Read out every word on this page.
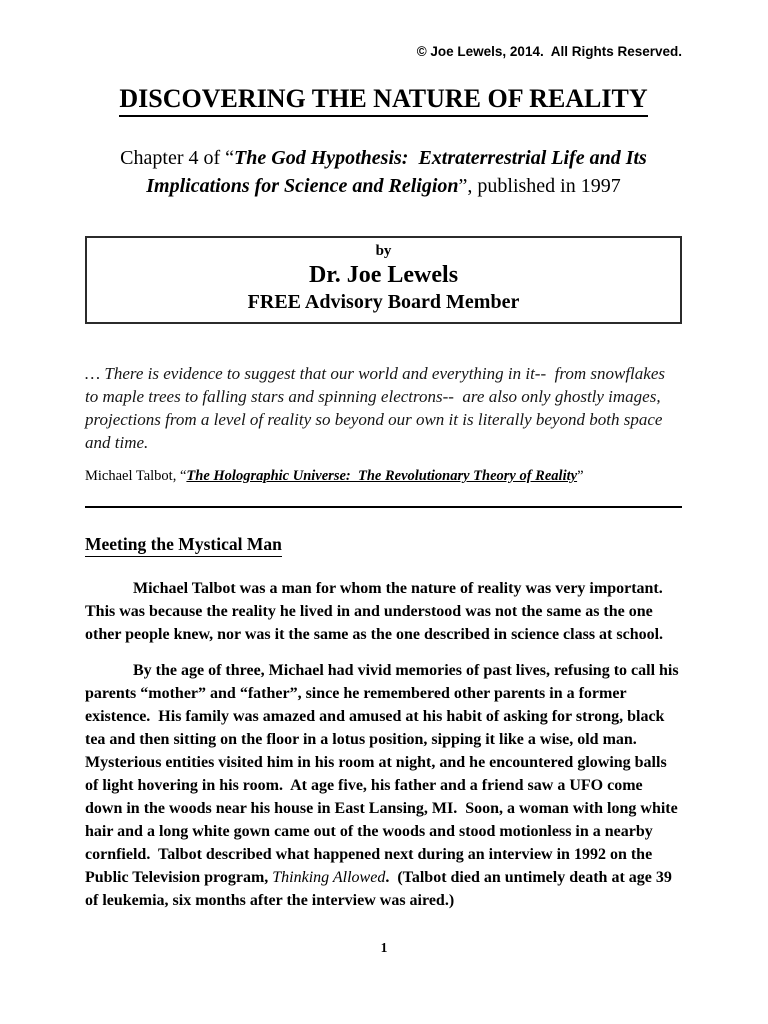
© Joe Lewels, 2014.  All Rights Reserved.
DISCOVERING THE NATURE OF REALITY

Chapter 4 of “The God Hypothesis:  Extraterrestrial Life and Its
Implications for Science and Religion”, published in 1997

by
Dr. Joe Lewels
FREE Advisory Board Member

… There is evidence to suggest that our world and everything in it--  from snowflakes to maple trees to falling stars and spinning electrons--  are also only ghostly images, projections from a level of reality so beyond our own it is literally beyond both space and time.

Michael Talbot, “The Holographic Universe:  The Revolutionary Theory of Reality”

Meeting the Mystical Man

Michael Talbot was a man for whom the nature of reality was very important.  This was because the reality he lived in and understood was not the same as the one other people knew, nor was it the same as the one described in science class at school.

By the age of three, Michael had vivid memories of past lives, refusing to call his parents “mother” and “father”, since he remembered other parents in a former existence.  His family was amazed and amused at his habit of asking for strong, black tea and then sitting on the floor in a lotus position, sipping it like a wise, old man.  Mysterious entities visited him in his room at night, and he encountered glowing balls of light hovering in his room.  At age five, his father and a friend saw a UFO come down in the woods near his house in East Lansing, MI.  Soon, a woman with long white hair and a long white gown came out of the woods and stood motionless in a nearby cornfield.  Talbot described what happened next during an interview in 1992 on the Public Television program, Thinking Allowed.  (Talbot died an untimely death at age 39 of leukemia, six months after the interview was aired.)

1
